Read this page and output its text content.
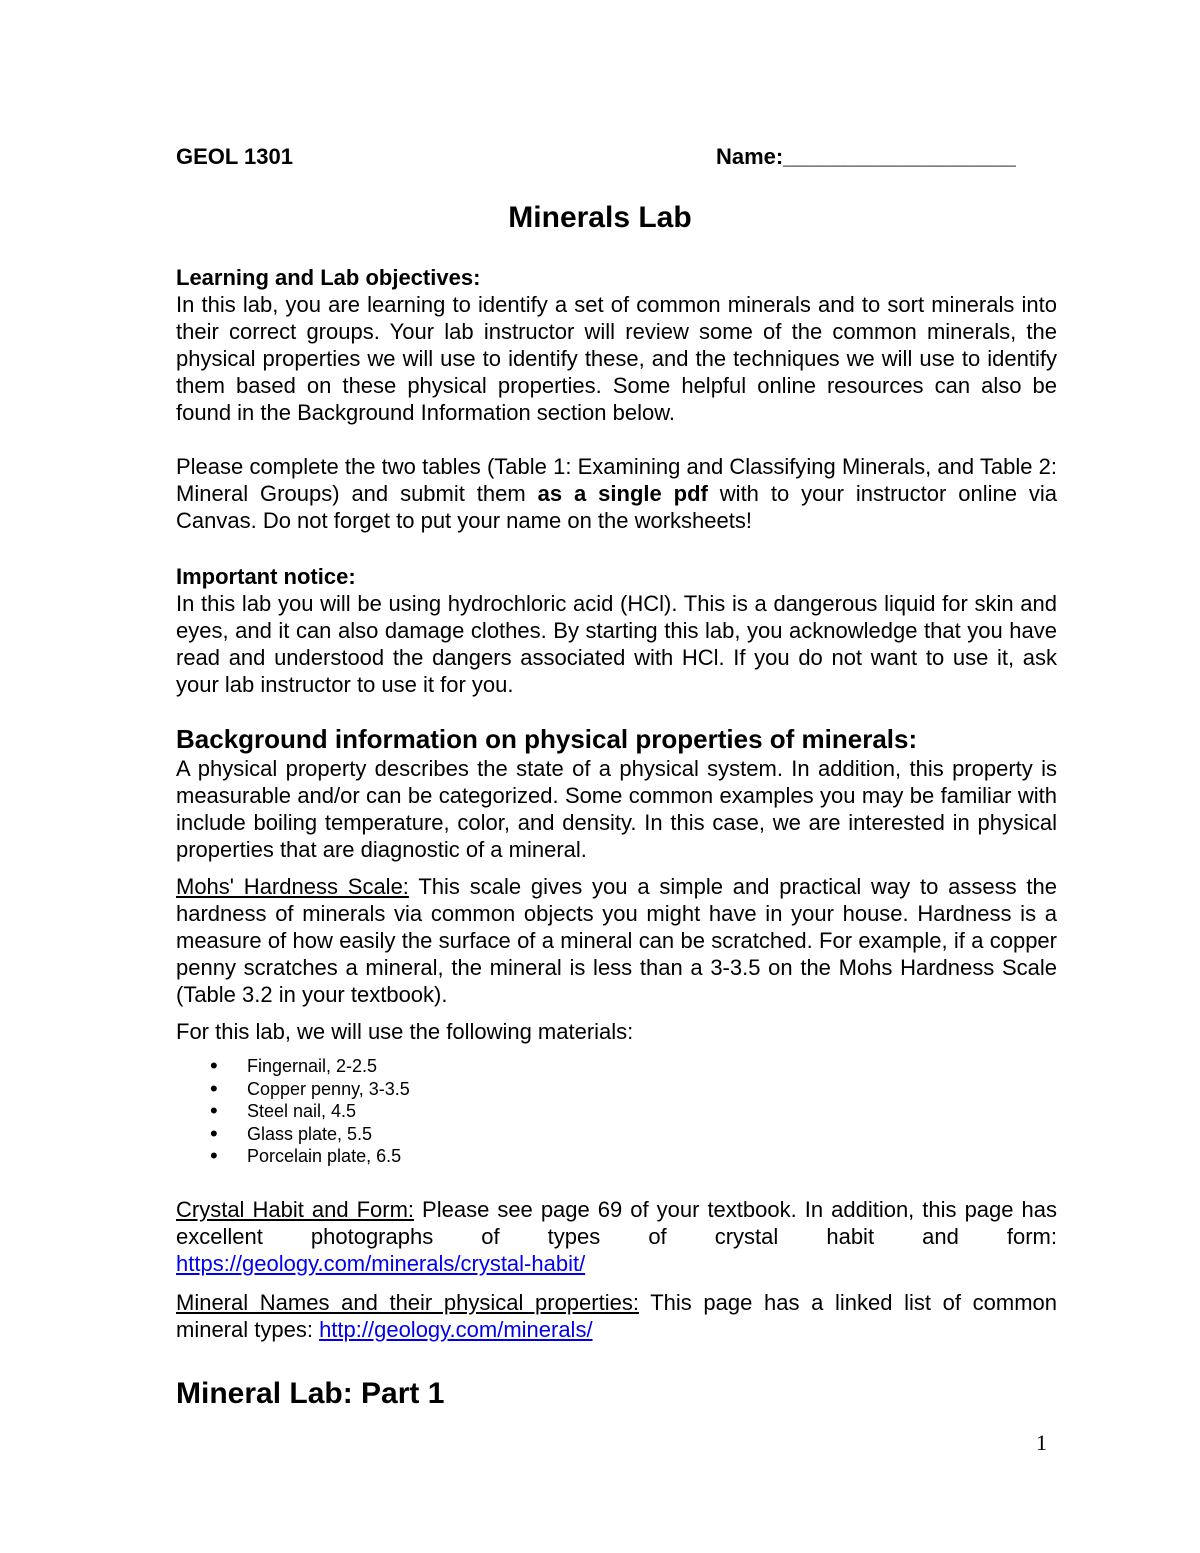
GEOL 1301	Name:___________________
Minerals Lab
Learning and Lab objectives:

In this lab, you are learning to identify a set of common minerals and to sort minerals into their correct groups. Your lab instructor will review some of the common minerals, the physical properties we will use to identify these, and the techniques we will use to identify them based on these physical properties. Some helpful online resources can also be found in the Background Information section below.

Please complete the two tables (Table 1: Examining and Classifying Minerals, and Table 2: Mineral Groups) and submit them as a single pdf with to your instructor online via Canvas. Do not forget to put your name on the worksheets!

Important notice:

In this lab you will be using hydrochloric acid (HCl). This is a dangerous liquid for skin and eyes, and it can also damage clothes. By starting this lab, you acknowledge that you have read and understood the dangers associated with HCl. If you do not want to use it, ask your lab instructor to use it for you.

Background information on physical properties of minerals:

A physical property describes the state of a physical system. In addition, this property is measurable and/or can be categorized. Some common examples you may be familiar with include boiling temperature, color, and density. In this case, we are interested in physical properties that are diagnostic of a mineral.

Mohs' Hardness Scale: This scale gives you a simple and practical way to assess the hardness of minerals via common objects you might have in your house. Hardness is a measure of how easily the surface of a mineral can be scratched. For example, if a copper penny scratches a mineral, the mineral is less than a 3-3.5 on the Mohs Hardness Scale (Table 3.2 in your textbook).

For this lab, we will use the following materials:

• Fingernail, 2-2.5
• Copper penny, 3-3.5
• Steel nail, 4.5
• Glass plate, 5.5
• Porcelain plate, 6.5

Crystal Habit and Form: Please see page 69 of your textbook. In addition, this page has excellent photographs of types of crystal habit and form: https://geology.com/minerals/crystal-habit/

Mineral Names and their physical properties: This page has a linked list of common mineral types: http://geology.com/minerals/

Mineral Lab: Part 1
1
